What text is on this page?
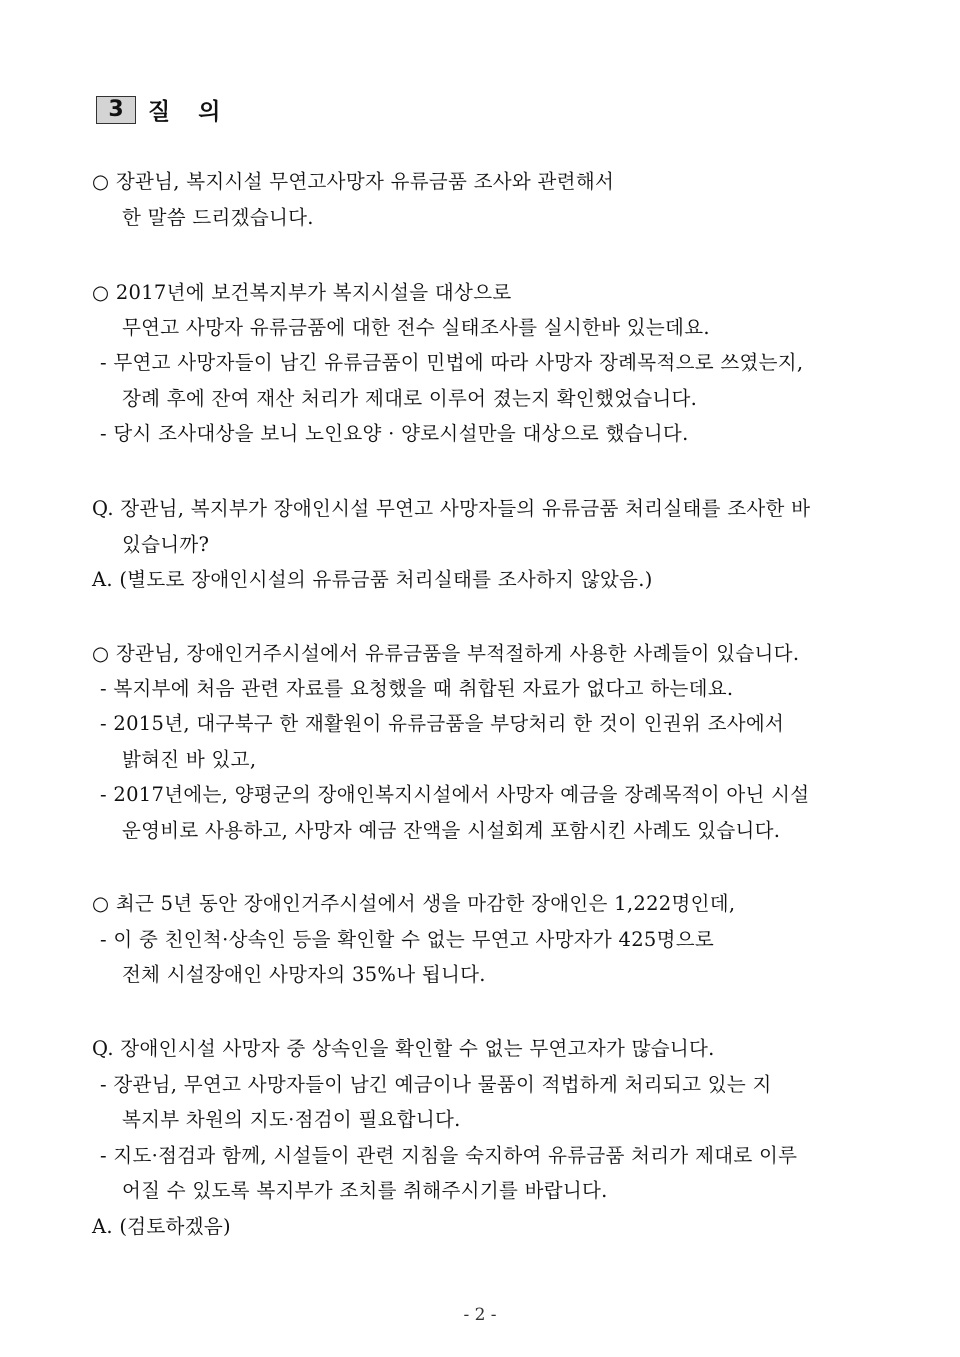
3	질 의
○ 장관님, 복지시설 무연고사망자 유류금품 조사와 관련해서
한 말씀 드리겠습니다.
○ 2017년에 보건복지부가 복지시설을 대상으로
무연고 사망자 유류금품에 대한 전수 실태조사를 실시한바 있는데요.
- 무연고 사망자들이 남긴 유류금품이 민법에 따라 사망자 장례목적으로 쓰였는지,
장례 후에 잔여 재산 처리가 제대로 이루어 졌는지 확인했었습니다.
- 당시 조사대상을 보니 노인요양 · 양로시설만을 대상으로 했습니다.
Q. 장관님, 복지부가 장애인시설 무연고 사망자들의 유류금품 처리실태를 조사한 바
있습니까?
A. (별도로 장애인시설의 유류금품 처리실태를 조사하지 않았음.)
○ 장관님, 장애인거주시설에서 유류금품을 부적절하게 사용한 사례들이 있습니다.
- 복지부에 처음 관련 자료를 요청했을 때 취합된 자료가 없다고 하는데요.
- 2015년, 대구북구 한 재활원이 유류금품을 부당처리 한 것이 인권위 조사에서
밝혀진 바 있고,
- 2017년에는, 양평군의 장애인복지시설에서 사망자 예금을 장례목적이 아닌 시설
운영비로 사용하고, 사망자 예금 잔액을 시설회계 포함시킨 사례도 있습니다.
○ 최근 5년 동안 장애인거주시설에서 생을 마감한 장애인은 1,222명인데,
- 이 중 친인척·상속인 등을 확인할 수 없는 무연고 사망자가 425명으로
전체 시설장애인 사망자의 35%나 됩니다.
Q. 장애인시설 사망자 중 상속인을 확인할 수 없는 무연고자가 많습니다.
- 장관님, 무연고 사망자들이 남긴 예금이나 물품이 적법하게 처리되고 있는 지
복지부 차원의 지도·점검이 필요합니다.
- 지도·점검과 함께, 시설들이 관련 지침을 숙지하여 유류금품 처리가 제대로 이루
어질 수 있도록 복지부가 조치를 취해주시기를 바랍니다.
A. (검토하겠음)
- 2 -
